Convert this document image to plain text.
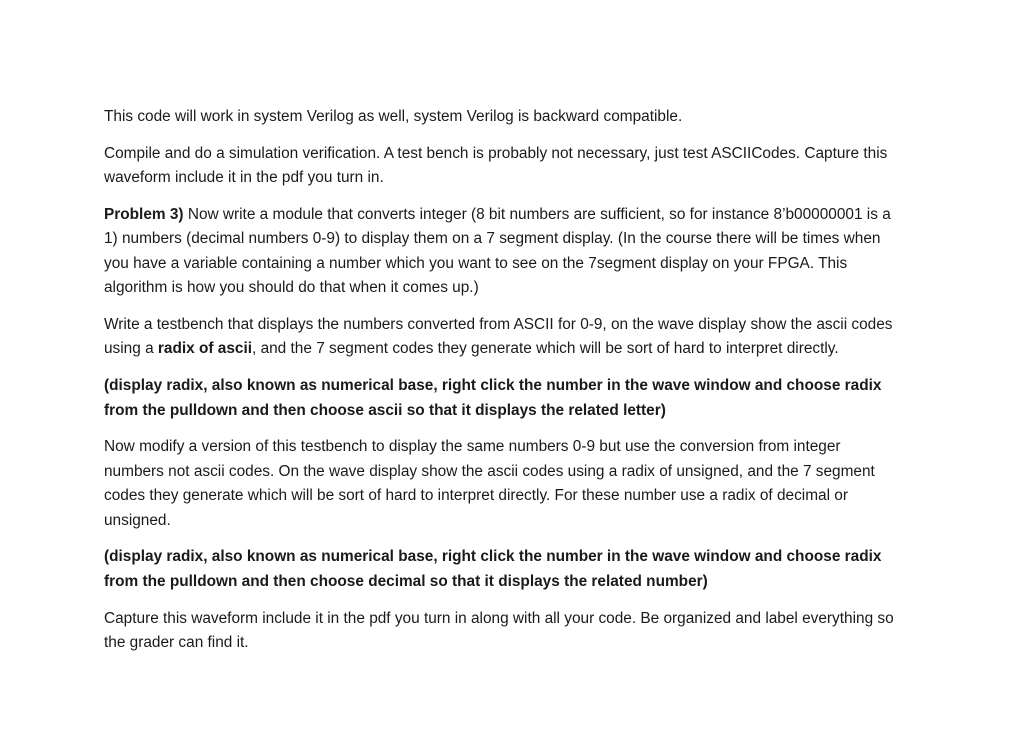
This code will work in system Verilog as well, system Verilog is backward compatible.

Compile and do a simulation verification. A test bench is probably not necessary, just test ASCIICodes. Capture this waveform include it in the pdf you turn in.

Problem 3) Now write a module that converts integer (8 bit numbers are sufficient, so for instance 8’b00000001 is a 1) numbers (decimal numbers 0-9) to display them on a 7 segment display. (In the course there will be times when you have a variable containing a number which you want to see on the 7segment display on your FPGA. This algorithm is how you should do that when it comes up.)

Write a testbench that displays the numbers converted from ASCII for 0-9, on the wave display show the ascii codes using a radix of ascii, and the 7 segment codes they generate which will be sort of hard to interpret directly.

(display radix, also known as numerical base, right click the number in the wave window and choose radix from the pulldown and then choose ascii so that it displays the related letter)

Now modify a version of this testbench to display the same numbers 0-9 but use the conversion from integer numbers not ascii codes. On the wave display show the ascii codes using a radix of unsigned, and the 7 segment codes they generate which will be sort of hard to interpret directly. For these number use a radix of decimal or unsigned.

(display radix, also known as numerical base, right click the number in the wave window and choose radix from the pulldown and then choose decimal so that it displays the related number)

Capture this waveform include it in the pdf you turn in along with all your code. Be organized and label everything so the grader can find it.
